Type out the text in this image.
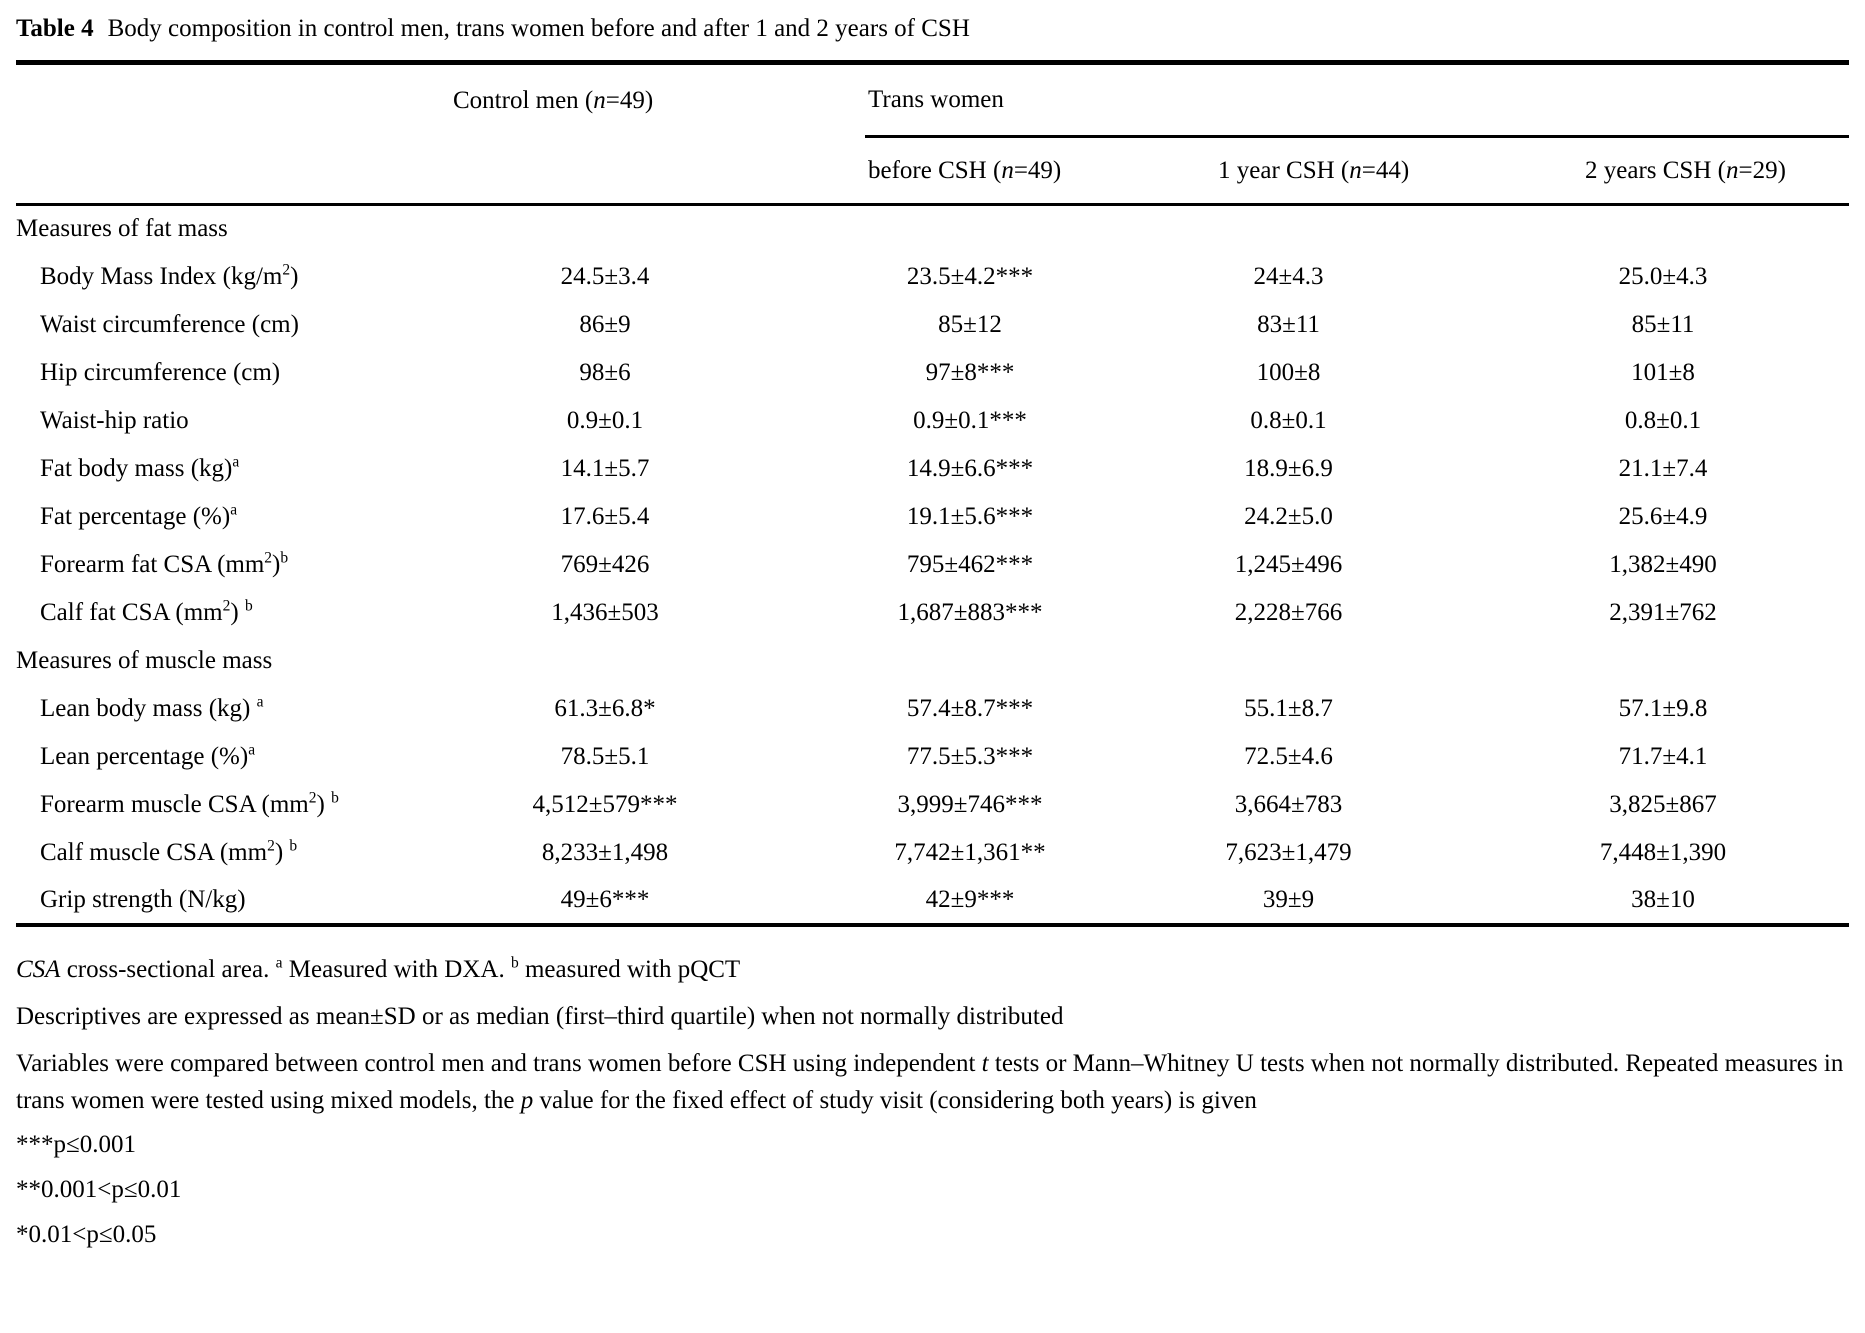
Table 4 Body composition in control men, trans women before and after 1 and 2 years of CSH

	Control men (n=49)	Trans women		
		before CSH (n=49)	1 year CSH (n=44)	2 years CSH (n=29)
Measures of fat mass				
Body Mass Index $(kg/m^2)$	24.5±3.4	23.5±4.2***	24±4.3	25.0±4.3
Waist circumference (cm)	86±9	85±12	83±11	85±11
Hip circumference (cm)	98±6	97±8***	100±8	101±8
Waist-hip ratio	0.9±0.1	0.9±0.1***	0.8±0.1	0.8±0.1
Fat body mass (kg)$^a$	14.1±5.7	14.9±6.6***	18.9±6.9	21.1±7.4
Fat percentage (%)$^a$	17.6±5.4	19.1±5.6***	24.2±5.0	25.6±4.9
Forearm fat CSA $(mm^2)^b$	769±426	795±462***	1,245±496	1,382±490
Calf fat CSA $(mm^2)$ $^b$	1,436±503	1,687±883***	2,228±766	2,391±762
Measures of muscle mass				
Lean body mass (kg) $^a$	61.3±6.8*	57.4±8.7***	55.1±8.7	57.1±9.8
Lean percentage (%)$^a$	78.5±5.1	77.5±5.3***	72.5±4.6	71.7±4.1
Forearm muscle CSA $(mm^2)$ $^b$	4,512±579***	3,999±746***	3,664±783	3,825±867
Calf muscle CSA $(mm^2)$ $^b$	8,233±1,498	7,742±1,361**	7,623±1,479	7,448±1,390
Grip strength (N/kg)	49±6***	42±9***	39±9	38±10

CSA cross-sectional area. $^a$ Measured with DXA. $^b$ measured with pQCT

Descriptives are expressed as mean±SD or as median (first–third quartile) when not normally distributed

Variables were compared between control men and trans women before CSH using independent t tests or Mann–Whitney U tests when not normally distributed. Repeated measures in trans women were tested using mixed models, the p value for the fixed effect of study visit (considering both years) is given

***p≤0.001

**0.001<p≤0.01

*0.01<p≤0.05
